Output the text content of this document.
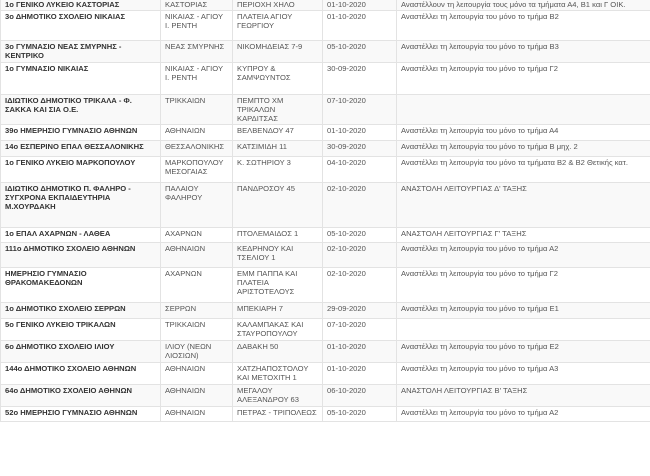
1ο ΓΕΝΙΚΟ ΛΥΚΕΙΟ ΚΑΣΤΟΡΙΑΣ	ΚΑΣΤΟΡΙΑΣ	ΠΕΡΙΟΧΗ ΧΗΛΟ	01-10-2020	Αναστέλλουν τη λειτουργία τους μόνο τα τμήματα Α4, Β1 και Γ ΟΙΚ.
3ο ΔΗΜΟΤΙΚΟ ΣΧΟΛΕΙΟ ΝΙΚΑΙΑΣ	ΝΙΚΑΙΑΣ - ΑΓΙΟΥ Ι. ΡΕΝΤΗ	ΠΛΑΤΕΙΑ ΑΓΙΟΥ ΓΕΩΡΓΙΟΥ	01-10-2020	Αναστέλλει τη λειτουργία του μόνο το τμήμα Β2
3ο ΓΥΜΝΑΣΙΟ ΝΕΑΣ ΣΜΥΡΝΗΣ - ΚΕΝΤΡΙΚΟ	ΝΕΑΣ ΣΜΥΡΝΗΣ	ΝΙΚΟΜΗΔΕΙΑΣ 7-9	05-10-2020	Αναστέλλει τη λειτουργία του μόνο το τμήμα Β3
1ο ΓΥΜΝΑΣΙΟ ΝΙΚΑΙΑΣ	ΝΙΚΑΙΑΣ - ΑΓΙΟΥ Ι. ΡΕΝΤΗ	ΚΥΠΡΟΥ & ΣΑΜΨΩΥΝΤΟΣ	30-09-2020	Αναστέλλει τη λειτουργία του μόνο το τμήμα Γ2
ΙΔΙΩΤΙΚΟ ΔΗΜΟΤΙΚΟ ΤΡΙΚΑΛΑ - Φ. ΣΑΚΚΑ ΚΑΙ ΣΙΑ Ο.Ε.	ΤΡΙΚΚΑΙΩΝ	ΠΕΜΠΤΟ ΧΜ ΤΡΙΚΑΛΩΝ ΚΑΡΔΙΤΣΑΣ	07-10-2020	
39ο ΗΜΕΡΗΣΙΟ ΓΥΜΝΑΣΙΟ ΑΘΗΝΩΝ	ΑΘΗΝΑΙΩΝ	ΒΕΛΒΕΝΔΟΥ 47	01-10-2020	Αναστέλλει τη λειτουργία του μόνο το τμήμα Α4
14ο ΕΣΠΕΡΙΝΟ ΕΠΑΛ ΘΕΣΣΑΛΟΝΙΚΗΣ	ΘΕΣΣΑΛΟΝΙΚΗΣ	ΚΑΤΣΙΜΙΔΗ 11	30-09-2020	Αναστέλλει τη λειτουργία του μόνο το τμήμα Β μηχ. 2
1ο ΓΕΝΙΚΟ ΛΥΚΕΙΟ ΜΑΡΚΟΠΟΥΛΟΥ	ΜΑΡΚΟΠΟΥΛΟΥ ΜΕΣΟΓΑΙΑΣ	Κ. ΣΩΤΗΡΙΟΥ 3	04-10-2020	Αναστέλλει τη λειτουργία του μόνο τα τμήματα Β2 & Β2 Θετικής κατ.
ΙΔΙΩΤΙΚΟ ΔΗΜΟΤΙΚΟ Π. ΦΑΛΗΡΟ - ΣΥΓΧΡΟΝΑ ΕΚΠΑΙΔΕΥΤΗΡΙΑ Μ.ΧΟΥΡΔΑΚΗ	ΠΑΛΑΙΟΥ ΦΑΛΗΡΟΥ	ΠΑΝΔΡΟΣΟΥ 45	02-10-2020	ΑΝΑΣΤΟΛΗ ΛΕΙΤΟΥΡΓΙΑΣ Δ' ΤΑΞΗΣ
1ο ΕΠΑΛ ΑΧΑΡΝΩΝ - ΛΑΘΕΑ	ΑΧΑΡΝΩΝ	ΠΤΟΛΕΜΑΙΔΟΣ 1	05-10-2020	ΑΝΑΣΤΟΛΗ ΛΕΙΤΟΥΡΓΙΑΣ Γ' ΤΑΞΗΣ
111ο ΔΗΜΟΤΙΚΟ ΣΧΟΛΕΙΟ ΑΘΗΝΩΝ	ΑΘΗΝΑΙΩΝ	ΚΕΔΡΗΝΟΥ ΚΑΙ ΤΣΕΛΙΟΥ 1	02-10-2020	Αναστέλλει τη λειτουργία του μόνο το τμήμα Α2
ΗΜΕΡΗΣΙΟ ΓΥΜΝΑΣΙΟ ΘΡΑΚΟΜΑΚΕΔΟΝΩΝ	ΑΧΑΡΝΩΝ	ΕΜΜ ΠΑΠΠΑ ΚΑΙ ΠΛΑΤΕΙΑ ΑΡΙΣΤΟΤΕΛΟΥΣ	02-10-2020	Αναστέλλει τη λειτουργία του μόνο το τμήμα Γ2
1ο ΔΗΜΟΤΙΚΟ ΣΧΟΛΕΙΟ ΣΕΡΡΩΝ	ΣΕΡΡΩΝ	ΜΠΕΚΙΑΡΗ 7	29-09-2020	Αναστέλλει τη λειτουργία του μόνο το τμήμα Ε1
5ο ΓΕΝΙΚΟ ΛΥΚΕΙΟ ΤΡΙΚΑΛΩΝ	ΤΡΙΚΚΑΙΩΝ	ΚΑΛΑΜΠΑΚΑΣ ΚΑΙ ΣΤΑΥΡΟΠΟΥΛΟΥ	07-10-2020	
6ο ΔΗΜΟΤΙΚΟ ΣΧΟΛΕΙΟ ΙΛΙΟΥ	ΙΛΙΟΥ (ΝΕΩΝ ΛΙΟΣΙΩΝ)	ΔΑΒΑΚΗ 50	01-10-2020	Αναστέλλει τη λειτουργία του μόνο το τμήμα Ε2
144ο ΔΗΜΟΤΙΚΟ ΣΧΟΛΕΙΟ ΑΘΗΝΩΝ	ΑΘΗΝΑΙΩΝ	ΧΑΤΖΗΑΠΟΣΤΟΛΟΥ ΚΑΙ ΜΕΤΟΧΙΤΗ 1	01-10-2020	Αναστέλλει τη λειτουργία του μόνο το τμήμα Α3
64ο ΔΗΜΟΤΙΚΟ ΣΧΟΛΕΙΟ ΑΘΗΝΩΝ	ΑΘΗΝΑΙΩΝ	ΜΕΓΑΛΟΥ ΑΛΕΞΑΝΔΡΟΥ 63	06-10-2020	ΑΝΑΣΤΟΛΗ ΛΕΙΤΟΥΡΓΙΑΣ Β' ΤΑΞΗΣ
52ο ΗΜΕΡΗΣΙΟ ΓΥΜΝΑΣΙΟ ΑΘΗΝΩΝ	ΑΘΗΝΑΙΩΝ	ΠΕΤΡΑΣ - ΤΡΙΠΟΛΕΩΣ	05-10-2020	Αναστέλλει τη λειτουργία του μόνο το τμήμα Α2
